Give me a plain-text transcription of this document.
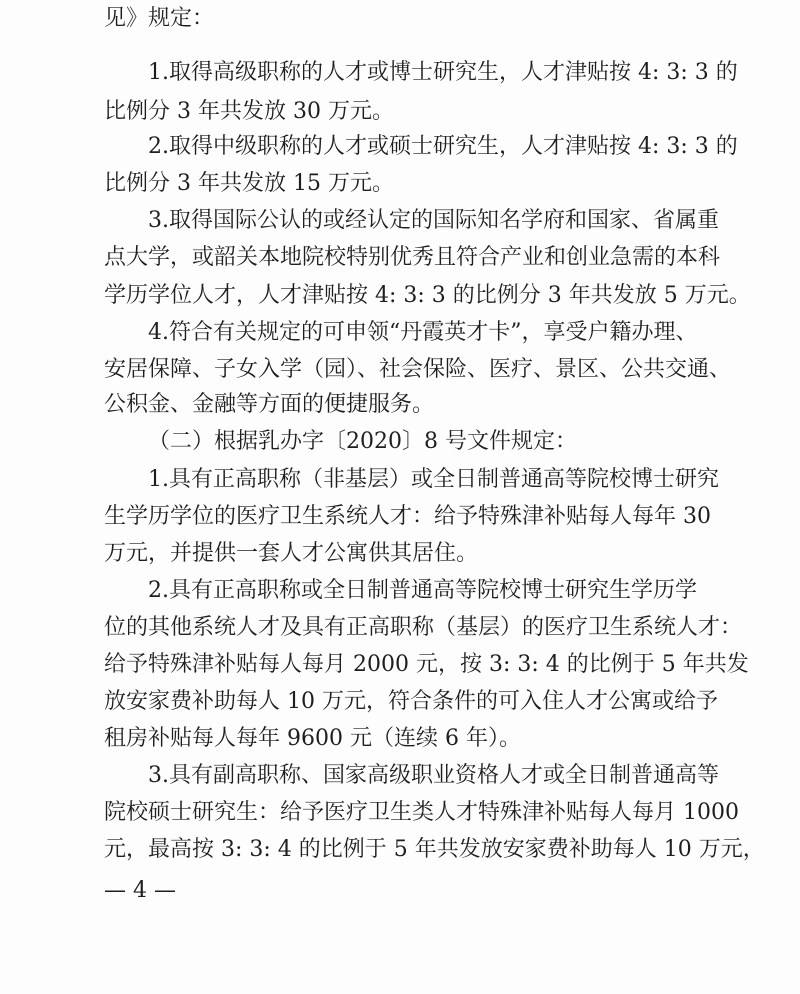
见》规定：
1.取得高级职称的人才或博士研究生，人才津贴按 4: 3: 3 的
比例分 3 年共发放 30 万元。
2.取得中级职称的人才或硕士研究生，人才津贴按 4: 3: 3 的
比例分 3 年共发放 15 万元。
3.取得国际公认的或经认定的国际知名学府和国家、省属重
点大学，或韶关本地院校特别优秀且符合产业和创业急需的本科
学历学位人才，人才津贴按 4: 3: 3 的比例分 3 年共发放 5 万元。
4.符合有关规定的可申领“丹霞英才卡”，享受户籍办理、
安居保障、子女入学（园）、社会保险、医疗、景区、公共交通、
公积金、金融等方面的便捷服务。
（二）根据乳办字〔2020〕8 号文件规定：
1.具有正高职称（非基层）或全日制普通高等院校博士研究
生学历学位的医疗卫生系统人才：给予特殊津补贴每人每年 30
万元，并提供一套人才公寓供其居住。
2.具有正高职称或全日制普通高等院校博士研究生学历学
位的其他系统人才及具有正高职称（基层）的医疗卫生系统人才：
给予特殊津补贴每人每月 2000 元，按 3: 3: 4 的比例于 5 年共发
放安家费补助每人 10 万元，符合条件的可入住人才公寓或给予
租房补贴每人每年 9600 元（连续 6 年）。
3.具有副高职称、国家高级职业资格人才或全日制普通高等
院校硕士研究生：给予医疗卫生类人才特殊津补贴每人每月 1000
元，最高按 3: 3: 4 的比例于 5 年共发放安家费补助每人 10 万元，
— 4 —
